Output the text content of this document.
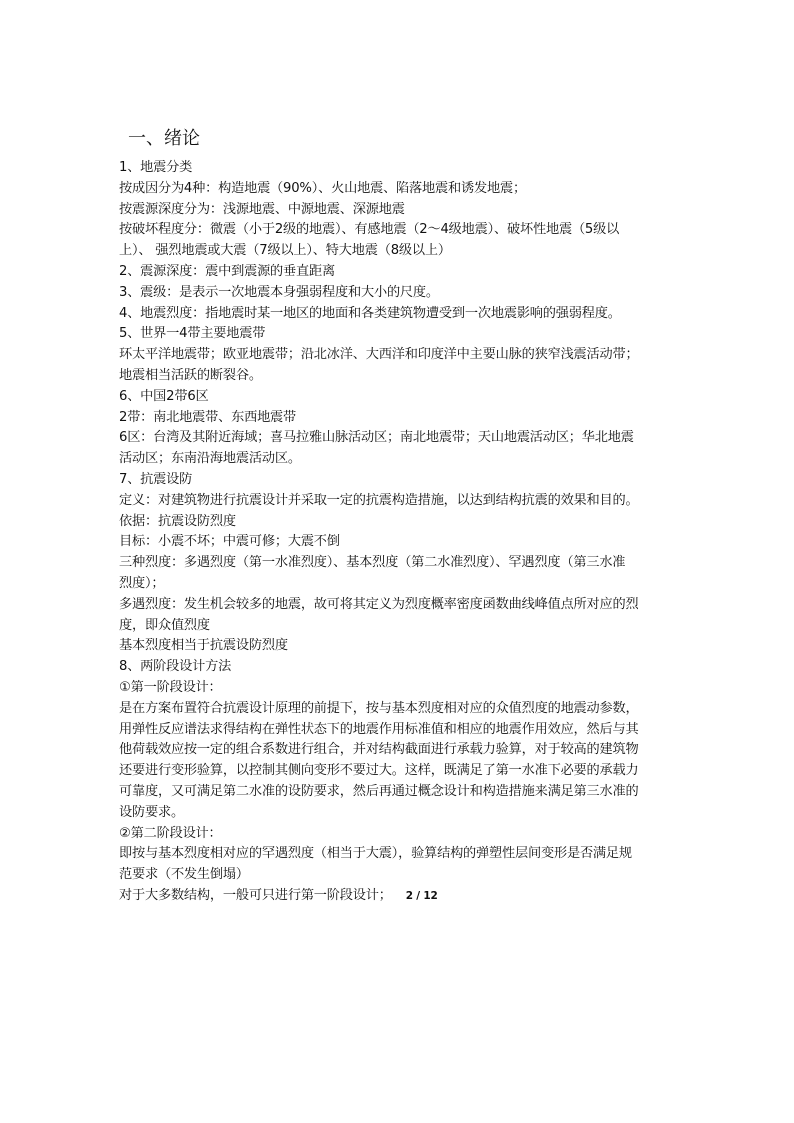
一、绪论
1、地震分类
按成因分为4种：构造地震（90%）、火山地震、陷落地震和诱发地震；
按震源深度分为：浅源地震、中源地震、深源地震
按破坏程度分：微震（小于2级的地震）、有感地震（2～4级地震）、破坏性地震（5级以
上）、 强烈地震或大震（7级以上）、特大地震（8级以上）
2、震源深度：震中到震源的垂直距离
3、震级：是表示一次地震本身强弱程度和大小的尺度。
4、地震烈度：指地震时某一地区的地面和各类建筑物遭受到一次地震影响的强弱程度。
5、世界一4带主要地震带
环太平洋地震带；欧亚地震带；沿北冰洋、大西洋和印度洋中主要山脉的狭窄浅震活动带；
地震相当活跃的断裂谷。
6、中国2带6区
2带：南北地震带、东西地震带
6区：台湾及其附近海域；喜马拉雅山脉活动区；南北地震带；天山地震活动区；华北地震
活动区；东南沿海地震活动区。
7、抗震设防
定义：对建筑物进行抗震设计并采取一定的抗震构造措施，以达到结构抗震的效果和目的。
依据：抗震设防烈度
目标：小震不坏；中震可修；大震不倒
三种烈度：多遇烈度（第一水准烈度）、基本烈度（第二水准烈度）、罕遇烈度（第三水准
烈度）；
多遇烈度：发生机会较多的地震，故可将其定义为烈度概率密度函数曲线峰值点所对应的烈
度，即众值烈度
基本烈度相当于抗震设防烈度
8、两阶段设计方法
①第一阶段设计：
是在方案布置符合抗震设计原理的前提下，按与基本烈度相对应的众值烈度的地震动参数，
用弹性反应谱法求得结构在弹性状态下的地震作用标准值和相应的地震作用效应，然后与其
他荷载效应按一定的组合系数进行组合，并对结构截面进行承载力验算，对于较高的建筑物
还要进行变形验算，以控制其侧向变形不要过大。这样，既满足了第一水准下必要的承载力
可靠度，又可满足第二水准的设防要求，然后再通过概念设计和构造措施来满足第三水准的
设防要求。
②第二阶段设计：
即按与基本烈度相对应的罕遇烈度（相当于大震），验算结构的弹塑性层间变形是否满足规
范要求（不发生倒塌）
对于大多数结构，一般可只进行第一阶段设计； 2 / 12
